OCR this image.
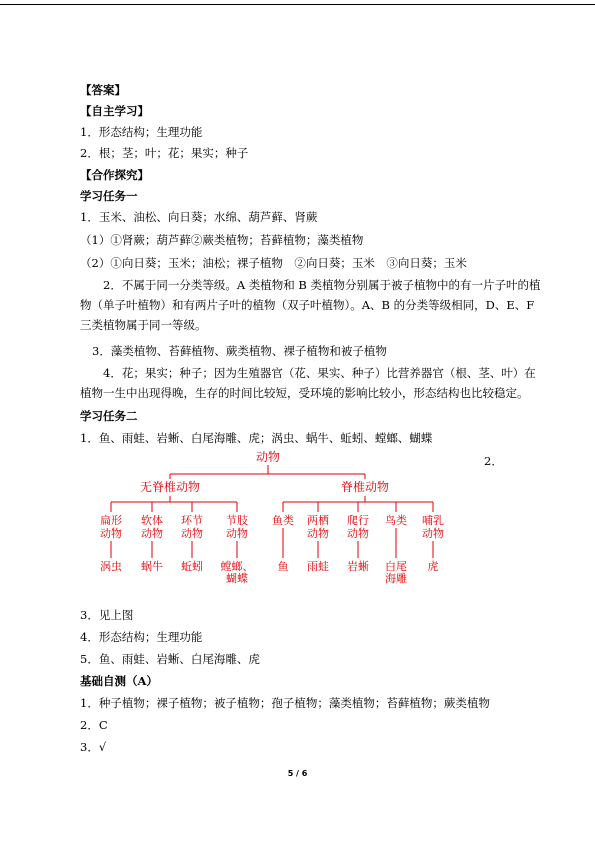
【答案】
【自主学习】
1．形态结构；生理功能
2．根；茎；叶；花；果实；种子
【合作探究】
学习任务一
1．玉米、油松、向日葵；水绵、葫芦藓、肾蕨
（1）①肾蕨；葫芦藓②蕨类植物；苔藓植物；藻类植物
（2）①向日葵；玉米；油松；裸子植物　②向日葵；玉米　③向日葵；玉米
2．不属于同一分类等级。A 类植物和 B 类植物分别属于被子植物中的有一片子叶的植物（单子叶植物）和有两片子叶的植物（双子叶植物）。A、B 的分类等级相同，D、E、F 三类植物属于同一等级。
3．藻类植物、苔藓植物、蕨类植物、裸子植物和被子植物
4．花；果实；种子；因为生殖器官（花、果实、种子）比营养器官（根、茎、叶）在植物一生中出现得晚，生存的时间比较短，受环境的影响比较小，形态结构也比较稳定。
学习任务二
1．鱼、雨蛙、岩蜥、白尾海雕、虎；涡虫、蜗牛、蚯蚓、螳螂、蝴蝶
2．
动物
无脊椎动物	脊椎动物
扁形
动物
涡虫
软体
动物
蜗牛
环节
动物
蚯蚓
节肢
动物
螳螂、
蝴蝶
鱼类
鱼
两栖
动物
雨蛙
爬行
动物
岩蜥
鸟类
白尾
海雕
哺乳
动物
虎
3．见上图
4．形态结构；生理功能
5．鱼、雨蛙、岩蜥、白尾海雕、虎
基础自测（A）
1．种子植物；裸子植物；被子植物；孢子植物；藻类植物；苔藓植物；蕨类植物
2．C
3．√
5 / 6
